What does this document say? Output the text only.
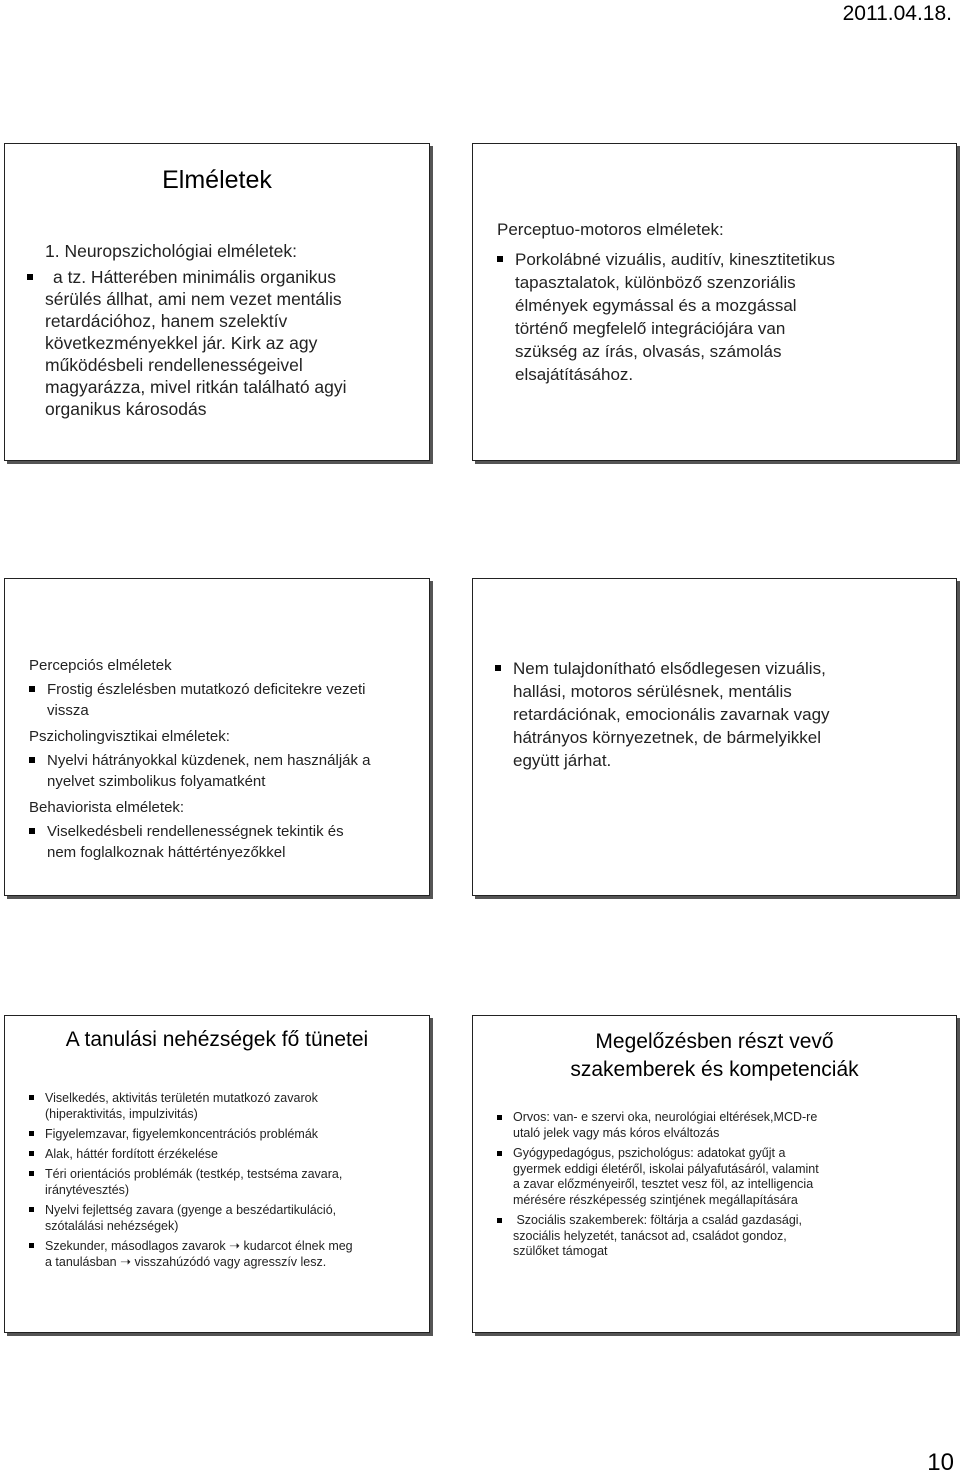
2011.04.18.
Elméletek
1. Neuropszichológiai elméletek:
a tz. Hátterében minimális organikus
sérülés állhat, ami nem vezet mentális
retardációhoz, hanem szelektív
következményekkel jár. Kirk az agy
működésbeli rendellenességeivel
magyarázza, mivel ritkán található agyi
organikus károsodás
Perceptuo-motoros elméletek:
Porkolábné vizuális, auditív, kinesztitetikus
tapasztalatok, különböző szenzoriális
élmények egymással és a mozgással
történő megfelelő integrációjára van
szükség az írás, olvasás, számolás
elsajátításához.
Percepciós elméletek
Frostig észlelésben mutatkozó deficitekre vezeti
vissza
Pszicholingvisztikai elméletek:
Nyelvi hátrányokkal küzdenek, nem használják a
nyelvet szimbolikus folyamatként
Behaviorista elméletek:
Viselkedésbeli rendellenességnek tekintik és
nem foglalkoznak háttértényezőkkel
Nem tulajdonítható elsődlegesen vizuális,
hallási, motoros sérülésnek, mentális
retardációnak, emocionális zavarnak vagy
hátrányos környezetnek, de bármelyikkel
együtt járhat.
A tanulási nehézségek fő tünetei
Viselkedés, aktivitás területén mutatkozó zavarok
(hiperaktivitás, impulzivitás)
Figyelemzavar, figyelemkoncentrációs problémák
Alak, háttér fordított érzékelése
Téri orientációs problémák (testkép, testséma zavara,
iránytévesztés)
Nyelvi fejlettség zavara (gyenge a beszédartikuláció,
szótalálási nehézségek)
Szekunder, másodlagos zavarok ➝ kudarcot élnek meg
a tanulásban ➝ visszahúzódó vagy agresszív lesz.
Megelőzésben részt vevő
szakemberek és kompetenciák
Orvos: van- e szervi oka, neurológiai eltérések,MCD-re
utaló jelek vagy más kóros elváltozás
Gyógypedagógus, pszichológus: adatokat gyűjt a
gyermek eddigi életéről, iskolai pályafutásáról, valamint
a zavar előzményeiről, tesztet vesz föl, az intelligencia
mérésére részképesség szintjének megállapítására
Szociális szakemberek: föltárja a család gazdasági,
szociális helyzetét, tanácsot ad, családot gondoz,
szülőket támogat
10
